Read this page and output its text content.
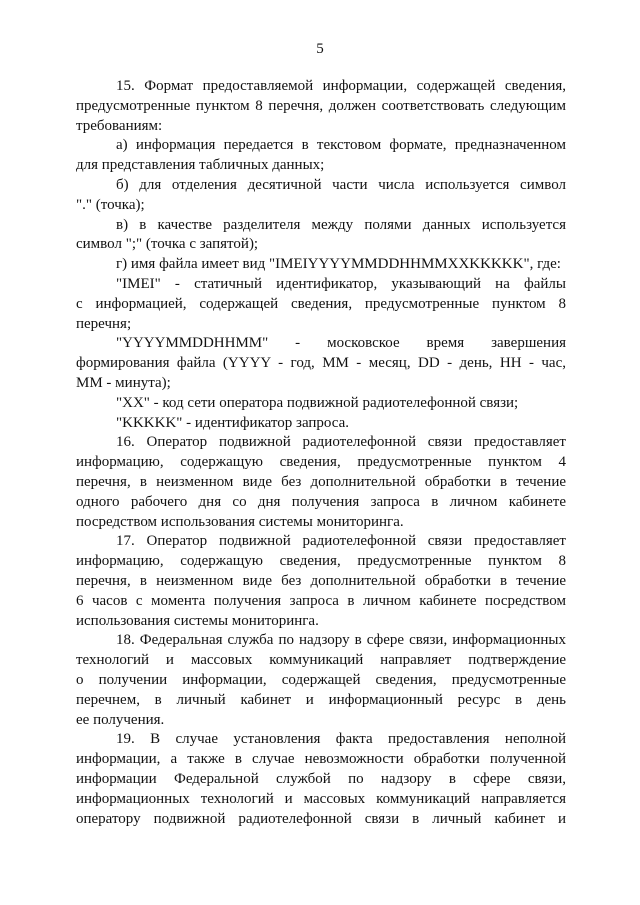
5
15. Формат предоставляемой информации, содержащей сведения,
предусмотренные пунктом 8 перечня, должен соответствовать следующим
требованиям:
а) информация передается в текстовом формате, предназначенном
для представления табличных данных;
б) для отделения десятичной части числа используется символ
"." (точка);
в) в качестве разделителя между полями данных используется
символ ";" (точка с запятой);
г) имя файла имеет вид "IMEIYYYYMMDDHHMMXXKKKKK", где:
"IMEI" - статичный идентификатор, указывающий на файлы
с информацией, содержащей сведения, предусмотренные пунктом 8
перечня;
"YYYYMMDDHHMM" - московское время завершения
формирования файла (YYYY - год, MM - месяц, DD - день, HH - час,
MM - минута);
"XX" - код сети оператора подвижной радиотелефонной связи;
"KKKKK" - идентификатор запроса.
16. Оператор подвижной радиотелефонной связи предоставляет
информацию, содержащую сведения, предусмотренные пунктом 4
перечня, в неизменном виде без дополнительной обработки в течение
одного рабочего дня со дня получения запроса в личном кабинете
посредством использования системы мониторинга.
17. Оператор подвижной радиотелефонной связи предоставляет
информацию, содержащую сведения, предусмотренные пунктом 8
перечня, в неизменном виде без дополнительной обработки в течение
6 часов с момента получения запроса в личном кабинете посредством
использования системы мониторинга.
18. Федеральная служба по надзору в сфере связи, информационных
технологий и массовых коммуникаций направляет подтверждение
о получении информации, содержащей сведения, предусмотренные
перечнем, в личный кабинет и информационный ресурс в день
ее получения.
19. В случае установления факта предоставления неполной
информации, а также в случае невозможности обработки полученной
информации Федеральной службой по надзору в сфере связи,
информационных технологий и массовых коммуникаций направляется
оператору подвижной радиотелефонной связи в личный кабинет и
